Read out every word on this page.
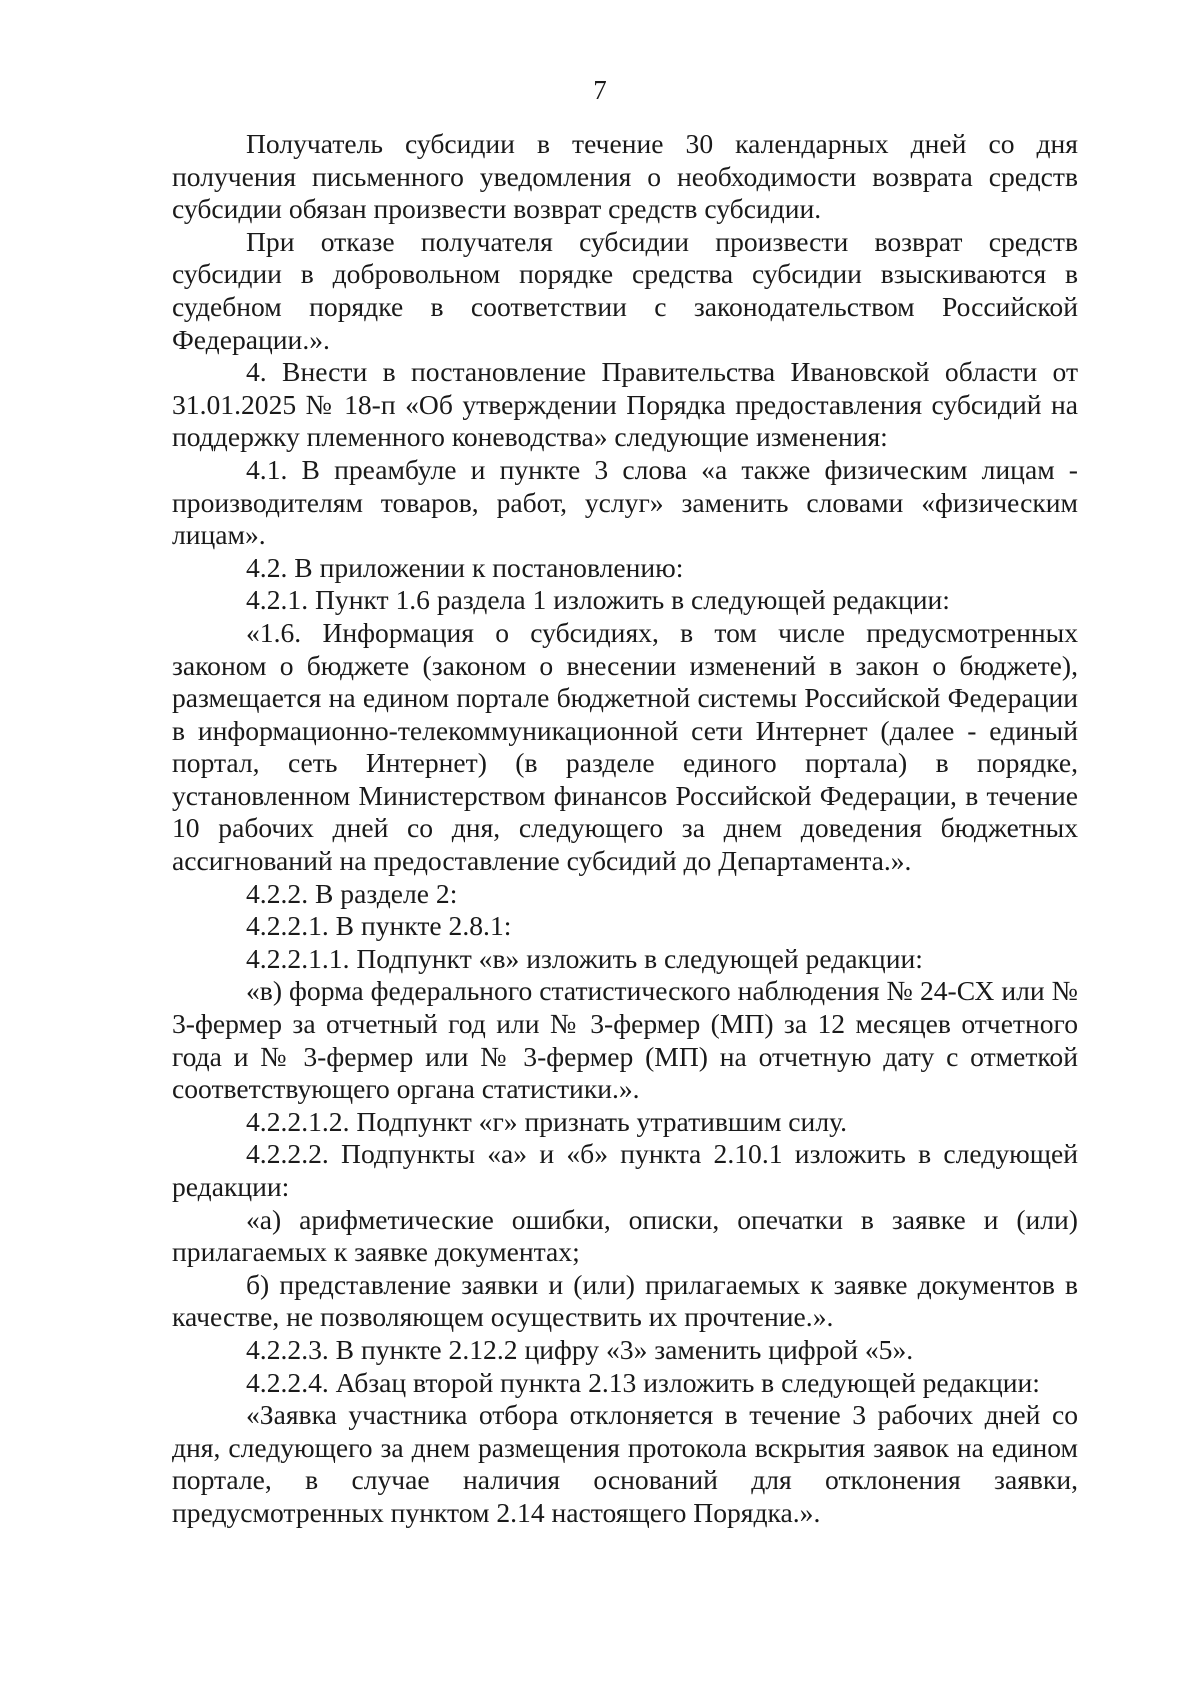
7

Получатель субсидии в течение 30 календарных дней со дня получения письменного уведомления о необходимости возврата средств субсидии обязан произвести возврат средств субсидии.

При отказе получателя субсидии произвести возврат средств субсидии в добровольном порядке средства субсидии взыскиваются в судебном порядке в соответствии с законодательством Российской Федерации.».

4. Внести в постановление Правительства Ивановской области от 31.01.2025 № 18-п «Об утверждении Порядка предоставления субсидий на поддержку племенного коневодства» следующие изменения:

4.1. В преамбуле и пункте 3 слова «а также физическим лицам - производителям товаров, работ, услуг» заменить словами «физическим лицам».

4.2. В приложении к постановлению:

4.2.1. Пункт 1.6 раздела 1 изложить в следующей редакции:

«1.6. Информация о субсидиях, в том числе предусмотренных законом о бюджете (законом о внесении изменений в закон о бюджете), размещается на едином портале бюджетной системы Российской Федерации в информационно-телекоммуникационной сети Интернет (далее - единый портал, сеть Интернет) (в разделе единого портала) в порядке, установленном Министерством финансов Российской Федерации, в течение 10 рабочих дней со дня, следующего за днем доведения бюджетных ассигнований на предоставление субсидий до Департамента.».

4.2.2. В разделе 2:

4.2.2.1. В пункте 2.8.1:

4.2.2.1.1. Подпункт «в» изложить в следующей редакции:

«в) форма федерального статистического наблюдения № 24-СХ или № 3-фермер за отчетный год или № 3-фермер (МП) за 12 месяцев отчетного года и № 3-фермер или № 3-фермер (МП) на отчетную дату с отметкой соответствующего органа статистики.».

4.2.2.1.2. Подпункт «г» признать утратившим силу.

4.2.2.2. Подпункты «а» и «б» пункта 2.10.1 изложить в следующей редакции:

«а) арифметические ошибки, описки, опечатки в заявке и (или) прилагаемых к заявке документах;

б) представление заявки и (или) прилагаемых к заявке документов в качестве, не позволяющем осуществить их прочтение.».

4.2.2.3. В пункте 2.12.2 цифру «3» заменить цифрой «5».

4.2.2.4. Абзац второй пункта 2.13 изложить в следующей редакции:

«Заявка участника отбора отклоняется в течение 3 рабочих дней со дня, следующего за днем размещения протокола вскрытия заявок на едином портале, в случае наличия оснований для отклонения заявки, предусмотренных пунктом 2.14 настоящего Порядка.».
